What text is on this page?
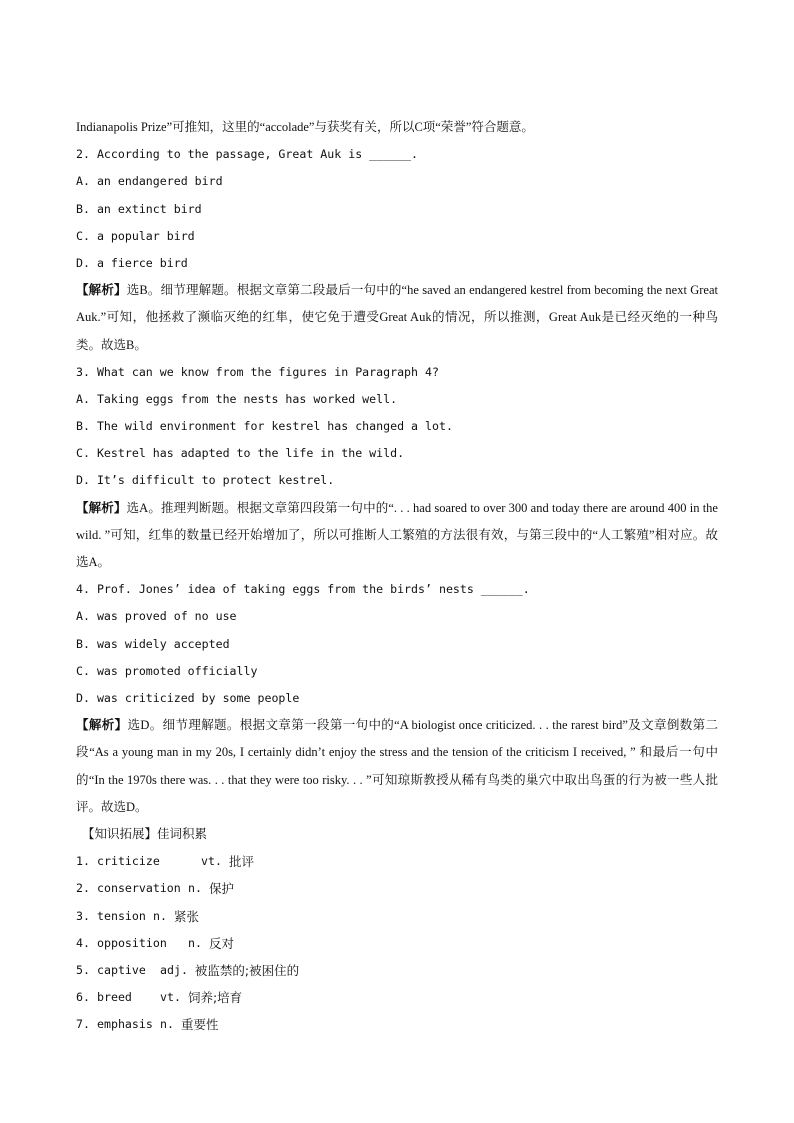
Indianapolis Prize”可推知，这里的“accolade”与获奖有关，所以C项“荣誉”符合题意。
2. According to the passage, Great Auk is ______.
A. an endangered bird
B. an extinct bird
C. a popular bird
D. a fierce bird
【解析】选B。细节理解题。根据文章第二段最后一句中的“he saved an endangered kestrel from becoming the next Great Auk.”可知，他拯救了濒临灭绝的红隼，使它免于遭受Great Auk的情况，所以推测，Great Auk是已经灭绝的一种鸟类。故选B。
3. What can we know from the figures in Paragraph 4?
A. Taking eggs from the nests has worked well.
B. The wild environment for kestrel has changed a lot.
C. Kestrel has adapted to the life in the wild.
D. It’s difficult to protect kestrel.
【解析】选A。推理判断题。根据文章第四段第一句中的“. . . had soared to over 300 and today there are around 400 in the wild. ”可知，红隼的数量已经开始增加了，所以可推断人工繁殖的方法很有效，与第三段中的“人工繁殖”相对应。故选A。
4. Prof. Jones’ idea of taking eggs from the birds’ nests ______.
A. was proved of no use
B. was widely accepted
C. was promoted officially
D. was criticized by some people
【解析】选D。细节理解题。根据文章第一段第一句中的“A biologist once criticized. . . the rarest bird”及文章倒数第二段“As a young man in my 20s, I certainly didn’t enjoy the stress and the tension of the criticism I received, ” 和最后一句中的“In the 1970s there was. . . that they were too risky. . . ”可知琼斯教授从稀有鸟类的巢穴中取出鸟蛋的行为被一些人批评。故选D。
【知识拓展】佳词积累
1. criticize	vt.
批评
2. conservation n.
保护
3. tension n.
紧张
4. opposition	n.
反对
5. captive	adj.
被监禁的;被困住的
6. breed	vt.
饲养;培育
7. emphasis n.
重要性
